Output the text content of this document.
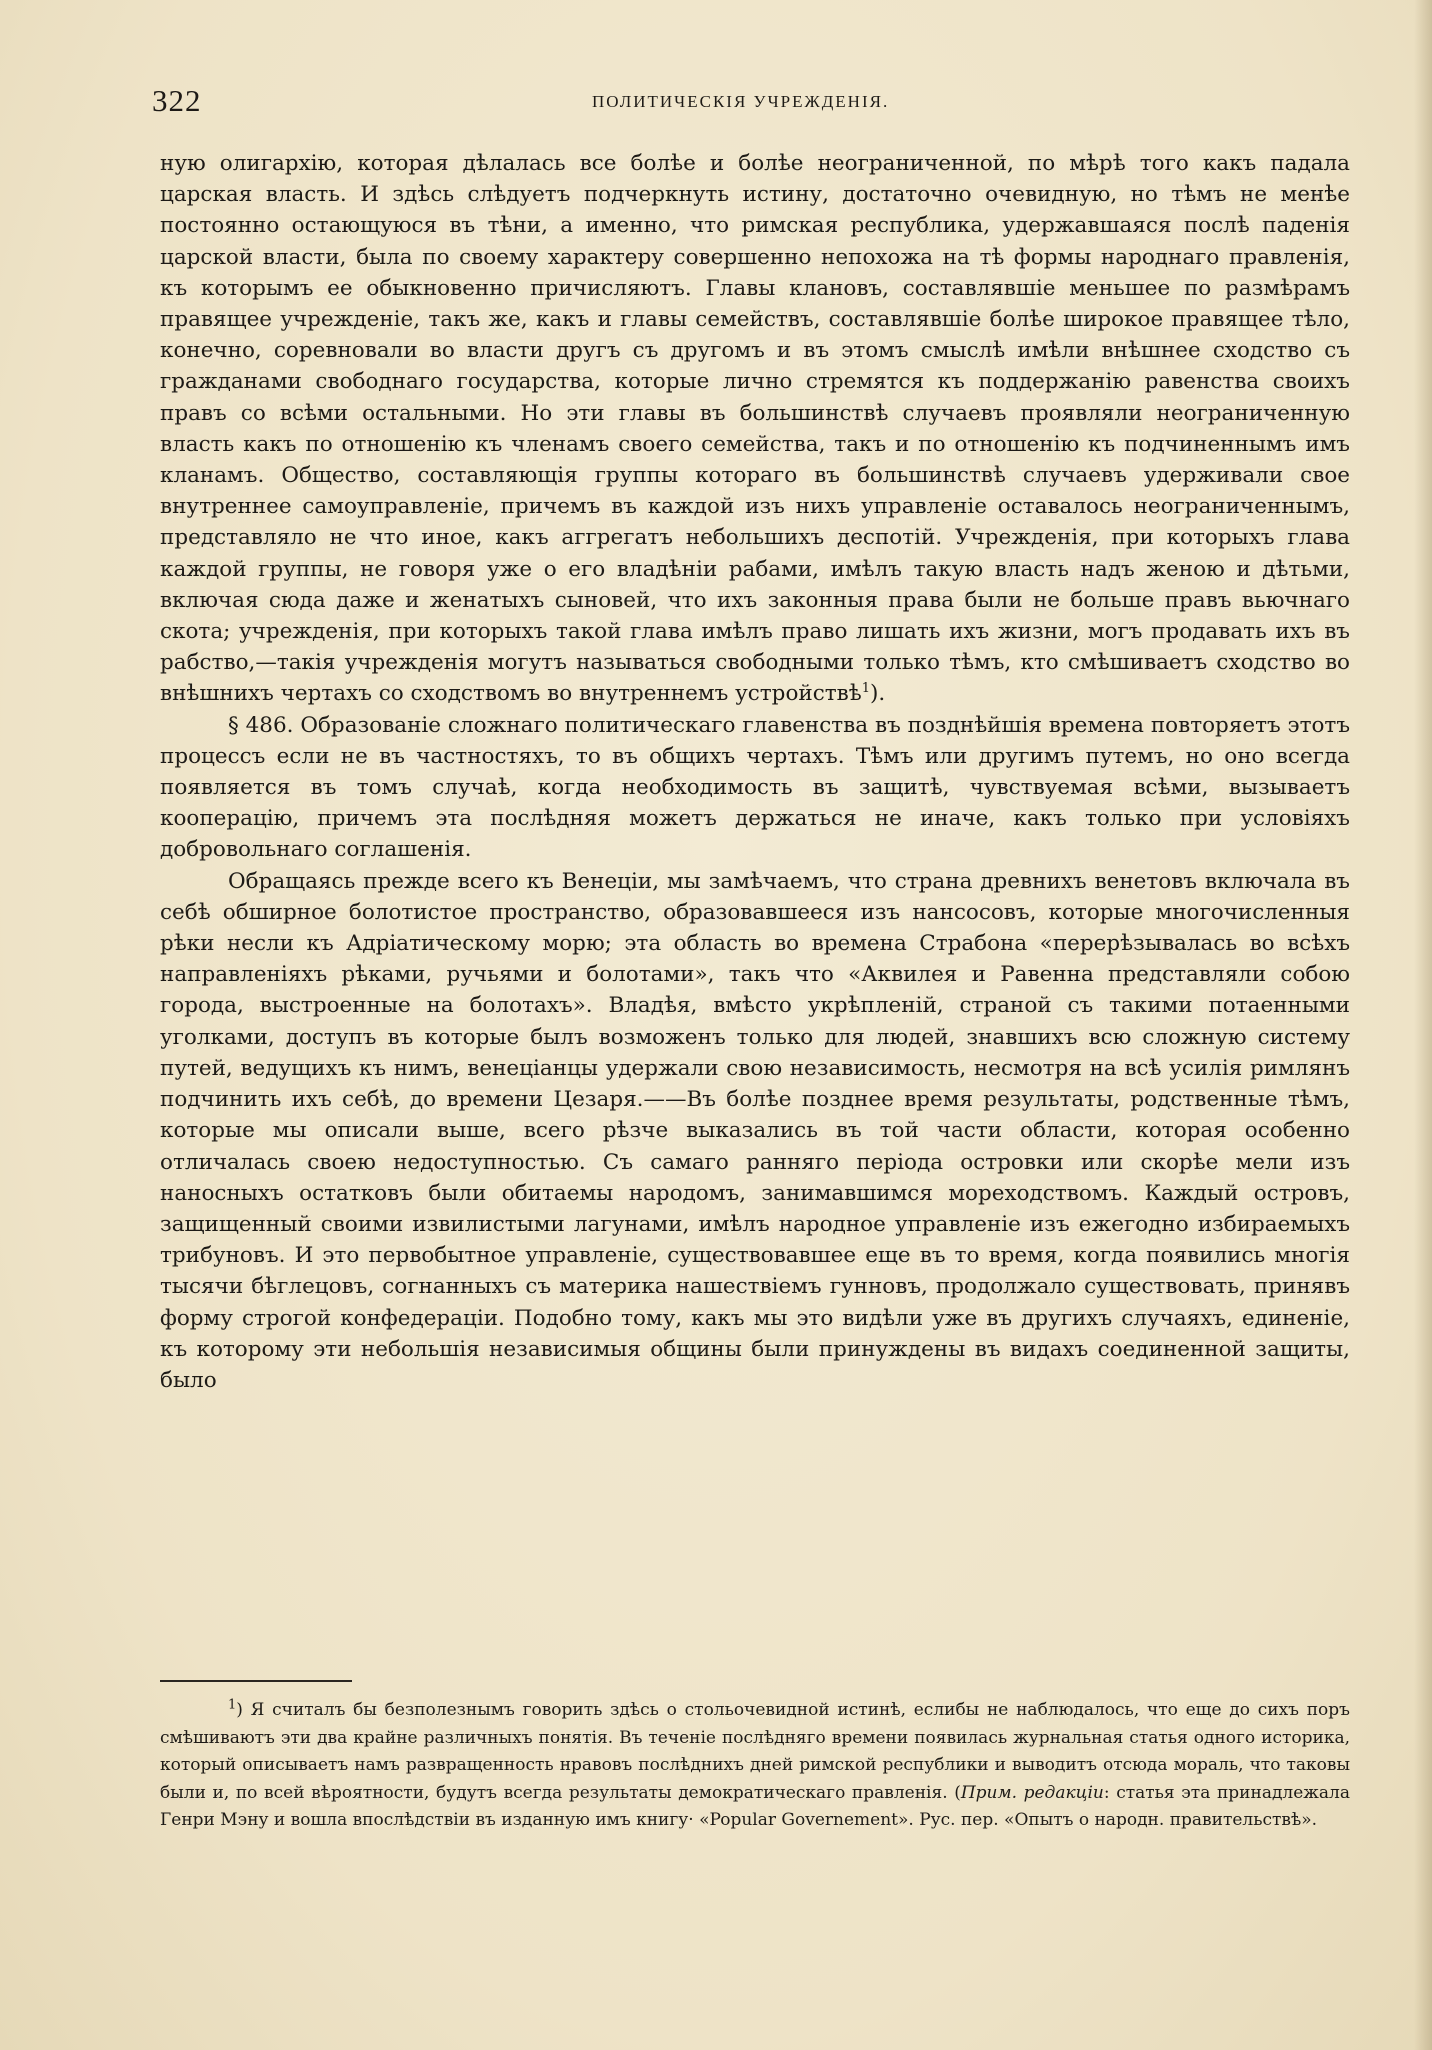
322	ПОЛИТИЧЕСКІЯ УЧРЕЖДЕНІЯ.

ную олигархію, которая дѣлалась все болѣе и болѣе неограниченной, по мѣрѣ того какъ падала царская власть. И здѣсь слѣдуетъ подчеркнуть истину, достаточно очевидную, но тѣмъ не менѣе постоянно остающуюся въ тѣни, а именно, что римская республика, удержавшаяся послѣ паденія царской власти, была по своему характеру совершенно непохожа на тѣ формы народнаго правленія, къ которымъ ее обыкновенно причисляютъ. Главы клановъ, составлявшіе меньшее по размѣрамъ правящее учрежденіе, такъ же, какъ и главы семействъ, составлявшіе болѣе широкое правящее тѣло, конечно, соревновали во власти другъ съ другомъ и въ этомъ смыслѣ имѣли внѣшнее сходство съ гражданами свободнаго государства, которые лично стремятся къ поддержанію равенства своихъ правъ со всѣми остальными. Но эти главы въ большинствѣ случаевъ проявляли неограниченную власть какъ по отношенію къ членамъ своего семейства, такъ и по отношенію къ подчиненнымъ имъ кланамъ. Общество, составляющія группы котораго въ большинствѣ случаевъ удерживали свое внутреннее самоуправленіе, причемъ въ каждой изъ нихъ управленіе оставалось неограниченнымъ, представляло не что иное, какъ аггрегатъ небольшихъ деспотій. Учрежденія, при которыхъ глава каждой группы, не говоря уже о его владѣніи рабами, имѣлъ такую власть надъ женою и дѣтьми, включая сюда даже и женатыхъ сыновей, что ихъ законныя права были не больше правъ вьючнаго скота; учрежденія, при которыхъ такой глава имѣлъ право лишать ихъ жизни, могъ продавать ихъ въ рабство,—такія учрежденія могутъ называться свободными только тѣмъ, кто смѣшиваетъ сходство во внѣшнихъ чертахъ со сходствомъ во внутреннемъ устройствѣ$^1$).

§ 486. Образованіе сложнаго политическаго главенства въ позднѣйшія времена повторяетъ этотъ процессъ если не въ частностяхъ, то въ общихъ чертахъ. Тѣмъ или другимъ путемъ, но оно всегда появляется въ томъ случаѣ, когда необходимость въ защитѣ, чувствуемая всѣми, вызываетъ кооперацію, причемъ эта послѣдняя можетъ держаться не иначе, какъ только при условіяхъ добровольнаго соглашенія.

Обращаясь прежде всего къ Венеціи, мы замѣчаемъ, что страна древнихъ венетовъ включала въ себѣ обширное болотистое пространство, образовавшееся изъ нансосовъ, которые многочисленныя рѣки несли къ Адріатическому морю; эта область во времена Страбона «перерѣзывалась во всѣхъ направленіяхъ рѣками, ручьями и болотами», такъ что «Аквилея и Равенна представляли собою города, выстроенные на болотахъ». Владѣя, вмѣсто укрѣпленій, страной съ такими потаенными уголками, доступъ въ которые былъ возможенъ только для людей, знавшихъ всю сложную систему путей, ведущихъ къ нимъ, венеціанцы удержали свою независимость, несмотря на всѣ усилія римлянъ подчинить ихъ себѣ, до времени Цезаря.——Въ болѣе позднее время результаты, родственные тѣмъ, которые мы описали выше, всего рѣзче выказались въ той части области, которая особенно отличалась своею недоступностью. Съ самаго ранняго періода островки или скорѣе мели изъ наносныхъ остатковъ были обитаемы народомъ, занимавшимся мореходствомъ. Каждый островъ, защищенный своими извилистыми лагунами, имѣлъ народное управленіе изъ ежегодно избираемыхъ трибуновъ. И это первобытное управленіе, существовавшее еще въ то время, когда появились многія тысячи бѣглецовъ, согнанныхъ съ материка нашествіемъ гунновъ, продолжало существовать, принявъ форму строгой конфедераціи. Подобно тому, какъ мы это видѣли уже въ другихъ случаяхъ, единеніе, къ которому эти небольшія независимыя общины были принуждены въ видахъ соединенной защиты, было

$^1$) Я считалъ бы безполезнымъ говорить здѣсь о стольочевидной истинѣ, еслибы не наблюдалось, что еще до сихъ поръ смѣшиваютъ эти два крайне различныхъ понятія. Въ теченіе послѣдняго времени появилась журнальная статья одного историка, который описываетъ намъ развращенность нравовъ послѣднихъ дней римской республики и выводитъ отсюда мораль, что таковы были и, по всей вѣроятности, будутъ всегда результаты демократическаго правленія. (Прим. редакціи: статья эта принадлежала Генри Мэну и вошла впослѣдствіи въ изданную имъ книгу· «Popular Governement». Рус. пер. «Опытъ о народн. правительствѣ».
